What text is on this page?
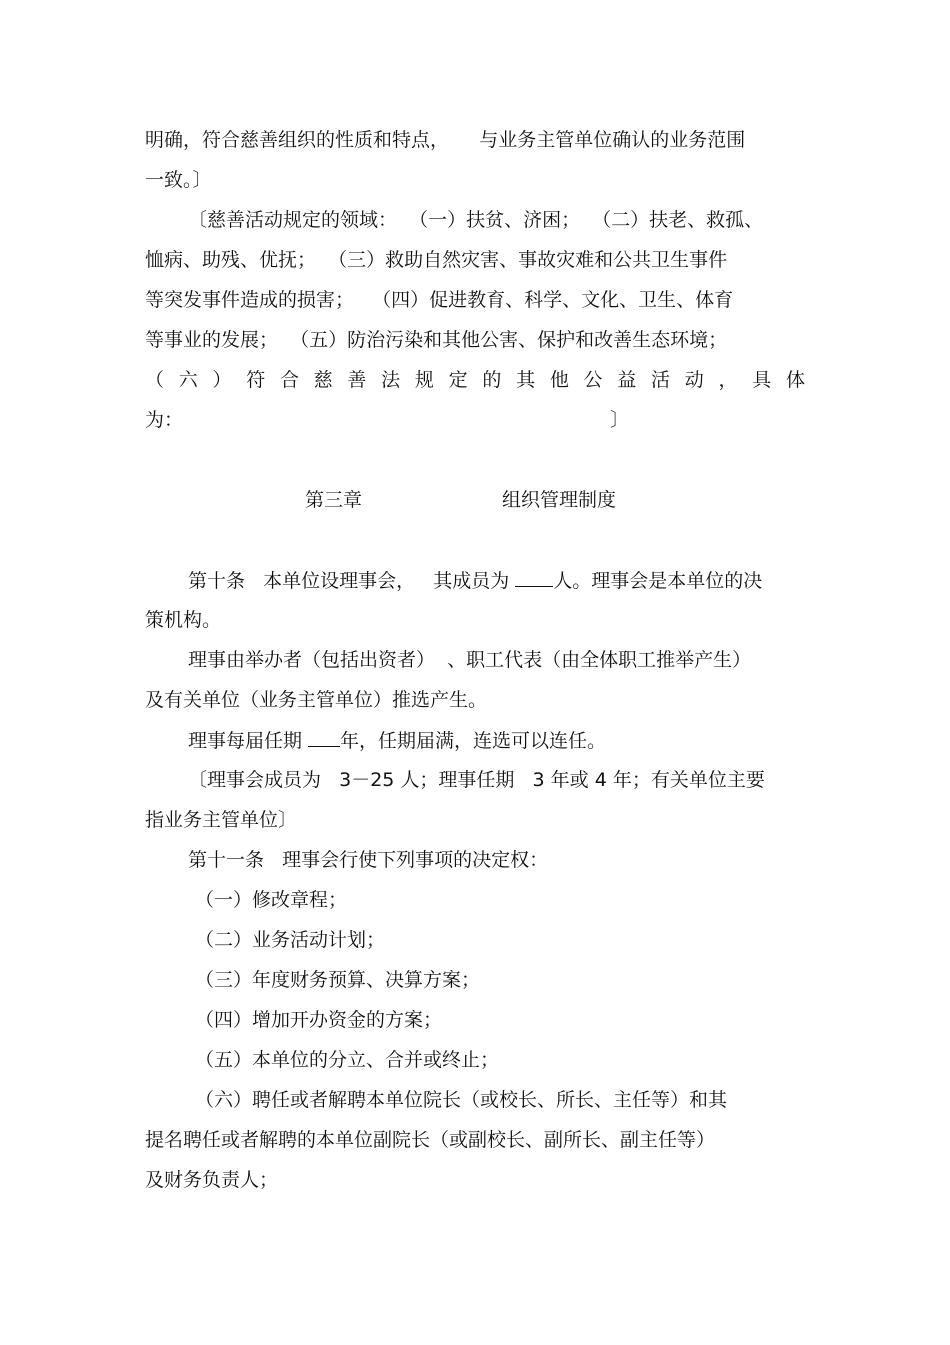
明确，符合慈善组织的性质和特点，     与业务主管单位确认的业务范围
一致。〕
〔慈善活动规定的领域：  （一）扶贫、济困；  （二）扶老、救孤、
恤病、助残、优抚；  （三）救助自然灾害、事故灾难和公共卫生事件
等突发事件造成的损害；   （四）促进教育、科学、文化、卫生、体育
等事业的发展；  （五）防治污染和其他公害、保护和改善生态环境；
（ 六 ） 符 合 慈 善 法 规 定 的 其 他 公 益 活 动 ， 具 体
为：	〕
第三章	组织管理制度
第十条   本单位设理事会，   其成员为 人。理事会是本单位的决
策机构。
理事由举办者（包括出资者）  、职工代表（由全体职工推举产生）
及有关单位（业务主管单位）推选产生。
理事每届任期 年，任期届满，连选可以连任。
〔理事会成员为   3－25 人；理事任期   3 年或 4 年；有关单位主要
指业务主管单位〕
第十一条   理事会行使下列事项的决定权：
（一）修改章程；
（二）业务活动计划；
（三）年度财务预算、决算方案；
（四）增加开办资金的方案；
（五）本单位的分立、合并或终止；
（六）聘任或者解聘本单位院长（或校长、所长、主任等）和其
提名聘任或者解聘的本单位副院长（或副校长、副所长、副主任等）
及财务负责人；
